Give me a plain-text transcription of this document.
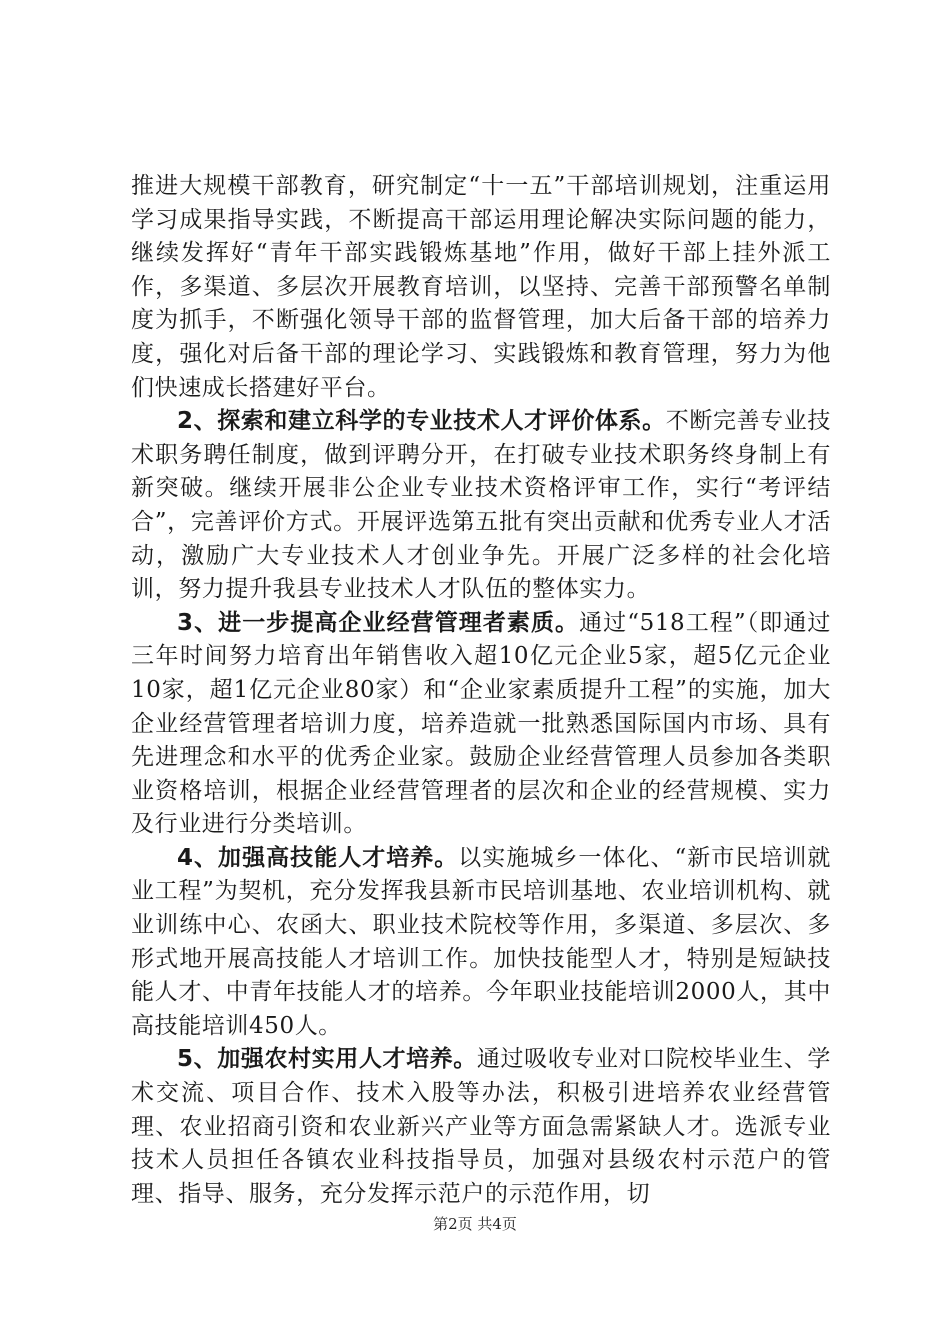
推进大规模干部教育，研究制定“十一五”干部培训规划，注重运用学习成果指导实践，不断提高干部运用理论解决实际问题的能力，继续发挥好“青年干部实践锻炼基地”作用，做好干部上挂外派工作，多渠道、多层次开展教育培训，以坚持、完善干部预警名单制度为抓手，不断强化领导干部的监督管理，加大后备干部的培养力度，强化对后备干部的理论学习、实践锻炼和教育管理，努力为他们快速成长搭建好平台。

2、探索和建立科学的专业技术人才评价体系。不断完善专业技术职务聘任制度，做到评聘分开，在打破专业技术职务终身制上有新突破。继续开展非公企业专业技术资格评审工作，实行“考评结合”，完善评价方式。开展评选第五批有突出贡献和优秀专业人才活动，激励广大专业技术人才创业争先。开展广泛多样的社会化培训，努力提升我县专业技术人才队伍的整体实力。

3、进一步提高企业经营管理者素质。通过“518工程”（即通过三年时间努力培育出年销售收入超10亿元企业5家，超5亿元企业10家，超1亿元企业80家）和“企业家素质提升工程”的实施，加大企业经营管理者培训力度，培养造就一批熟悉国际国内市场、具有先进理念和水平的优秀企业家。鼓励企业经营管理人员参加各类职业资格培训，根据企业经营管理者的层次和企业的经营规模、实力及行业进行分类培训。

4、加强高技能人才培养。以实施城乡一体化、“新市民培训就业工程”为契机，充分发挥我县新市民培训基地、农业培训机构、就业训练中心、农函大、职业技术院校等作用，多渠道、多层次、多形式地开展高技能人才培训工作。加快技能型人才，特别是短缺技能人才、中青年技能人才的培养。今年职业技能培训2000人，其中高技能培训450人。

5、加强农村实用人才培养。通过吸收专业对口院校毕业生、学术交流、项目合作、技术入股等办法，积极引进培养农业经营管理、农业招商引资和农业新兴产业等方面急需紧缺人才。选派专业技术人员担任各镇农业科技指导员，加强对县级农村示范户的管理、指导、服务，充分发挥示范户的示范作用，切

第2页 共4页
